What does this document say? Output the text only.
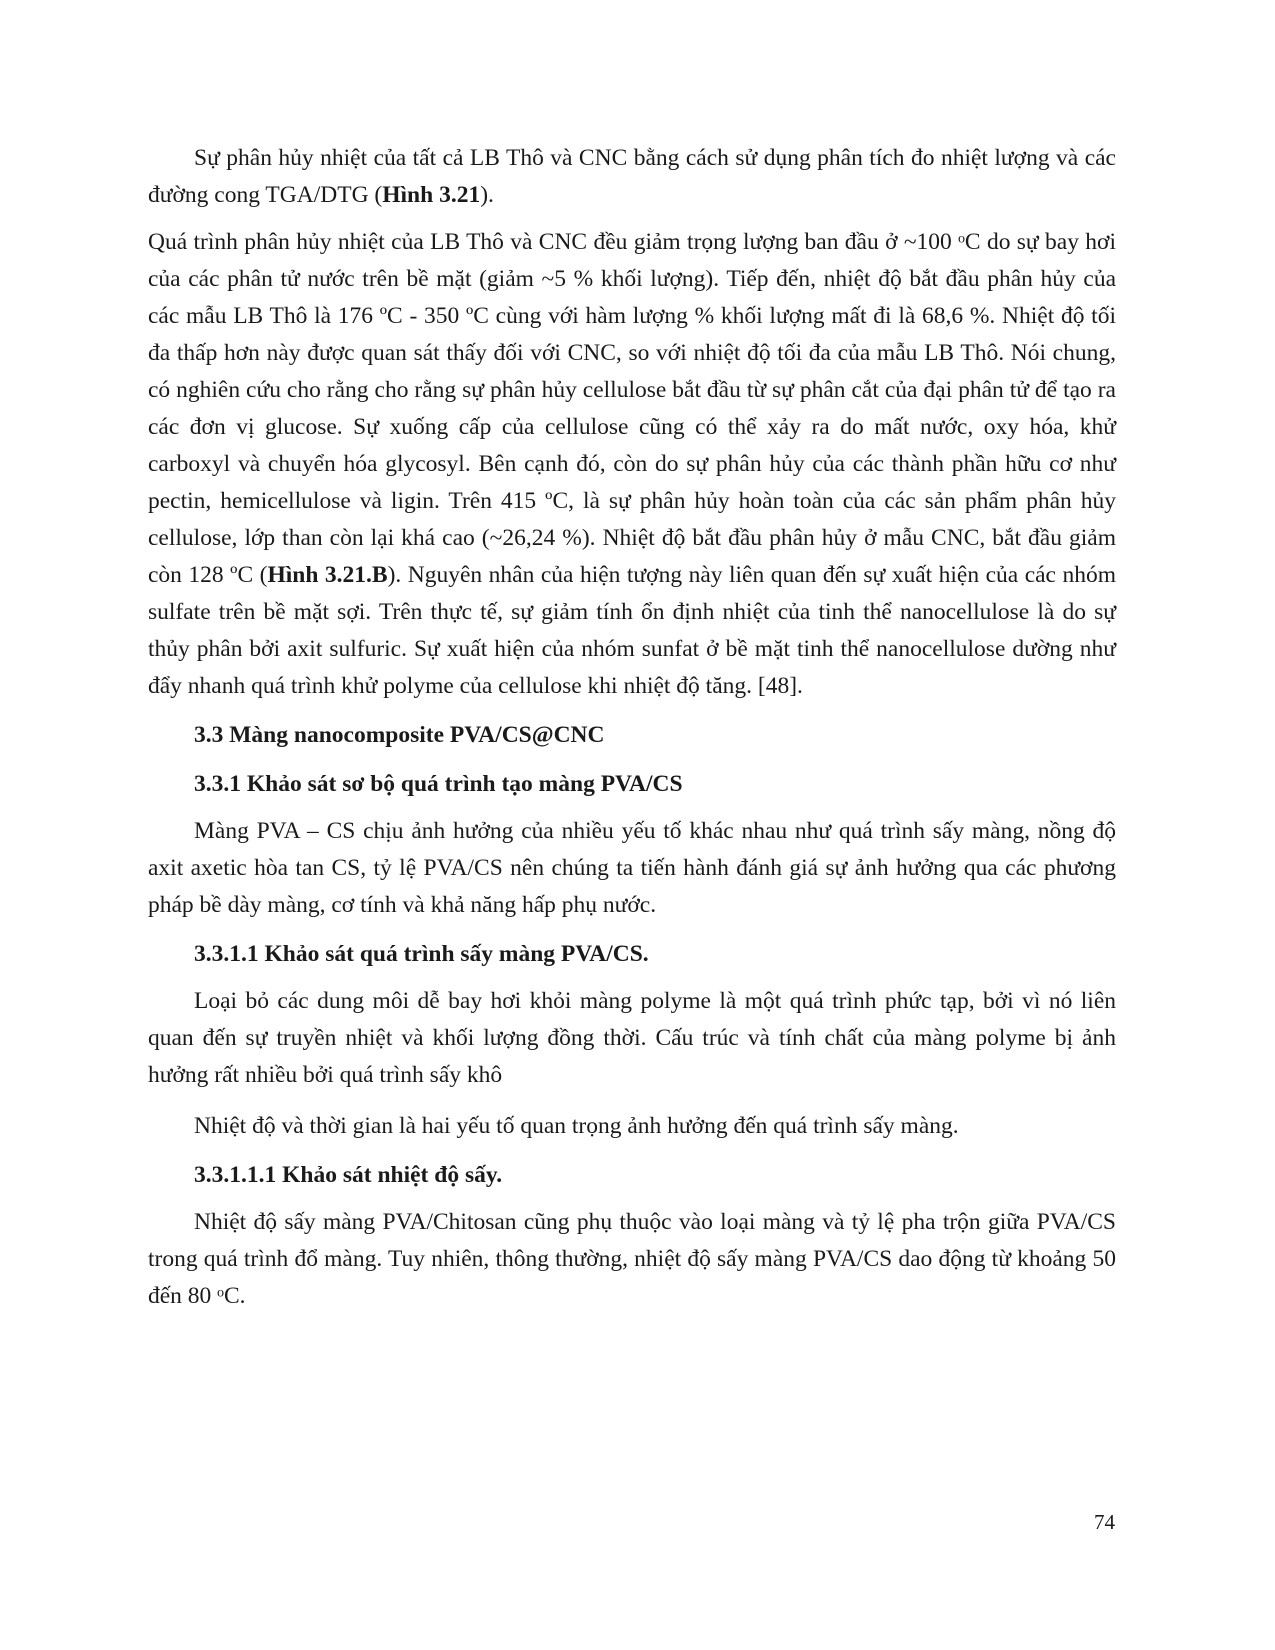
Sự phân hủy nhiệt của tất cả LB Thô và CNC bằng cách sử dụng phân tích đo nhiệt lượng và các đường cong TGA/DTG (Hình 3.21).

Quá trình phân hủy nhiệt của LB Thô và CNC đều giảm trọng lượng ban đầu ở ~100 ᵒC do sự bay hơi của các phân tử nước trên bề mặt (giảm ~5 % khối lượng). Tiếp đến, nhiệt độ bắt đầu phân hủy của các mẫu LB Thô là 176 ºC - 350 ºC cùng với hàm lượng % khối lượng mất đi là 68,6 %. Nhiệt độ tối đa thấp hơn này được quan sát thấy đối với CNC, so với nhiệt độ tối đa của mẫu LB Thô. Nói chung, có nghiên cứu cho rằng cho rằng sự phân hủy cellulose bắt đầu từ sự phân cắt của đại phân tử để tạo ra các đơn vị glucose. Sự xuống cấp của cellulose cũng có thể xảy ra do mất nước, oxy hóa, khử carboxyl và chuyển hóa glycosyl. Bên cạnh đó, còn do sự phân hủy của các thành phần hữu cơ như pectin, hemicellulose và ligin. Trên 415 ºC, là sự phân hủy hoàn toàn của các sản phẩm phân hủy cellulose, lớp than còn lại khá cao (~26,24 %). Nhiệt độ bắt đầu phân hủy ở mẫu CNC, bắt đầu giảm còn 128 ºC (Hình 3.21.B). Nguyên nhân của hiện tượng này liên quan đến sự xuất hiện của các nhóm sulfate trên bề mặt sợi. Trên thực tế, sự giảm tính ổn định nhiệt của tinh thể nanocellulose là do sự thủy phân bởi axit sulfuric. Sự xuất hiện của nhóm sunfat ở bề mặt tinh thể nanocellulose dường như đẩy nhanh quá trình khử polyme của cellulose khi nhiệt độ tăng. [48].

3.3 Màng nanocomposite PVA/CS@CNC
3.3.1 Khảo sát sơ bộ quá trình tạo màng PVA/CS

Màng PVA – CS chịu ảnh hưởng của nhiều yếu tố khác nhau như quá trình sấy màng, nồng độ axit axetic hòa tan CS, tỷ lệ PVA/CS nên chúng ta tiến hành đánh giá sự ảnh hưởng qua các phương pháp bề dày màng, cơ tính và khả năng hấp phụ nước.

3.3.1.1 Khảo sát quá trình sấy màng PVA/CS.

Loại bỏ các dung môi dễ bay hơi khỏi màng polyme là một quá trình phức tạp, bởi vì nó liên quan đến sự truyền nhiệt và khối lượng đồng thời. Cấu trúc và tính chất của màng polyme bị ảnh hưởng rất nhiều bởi quá trình sấy khô

Nhiệt độ và thời gian là hai yếu tố quan trọng ảnh hưởng đến quá trình sấy màng.

3.3.1.1.1 Khảo sát nhiệt độ sấy.

Nhiệt độ sấy màng PVA/Chitosan cũng phụ thuộc vào loại màng và tỷ lệ pha trộn giữa PVA/CS trong quá trình đổ màng. Tuy nhiên, thông thường, nhiệt độ sấy màng PVA/CS dao động từ khoảng 50 đến 80 ᵒC.

74
